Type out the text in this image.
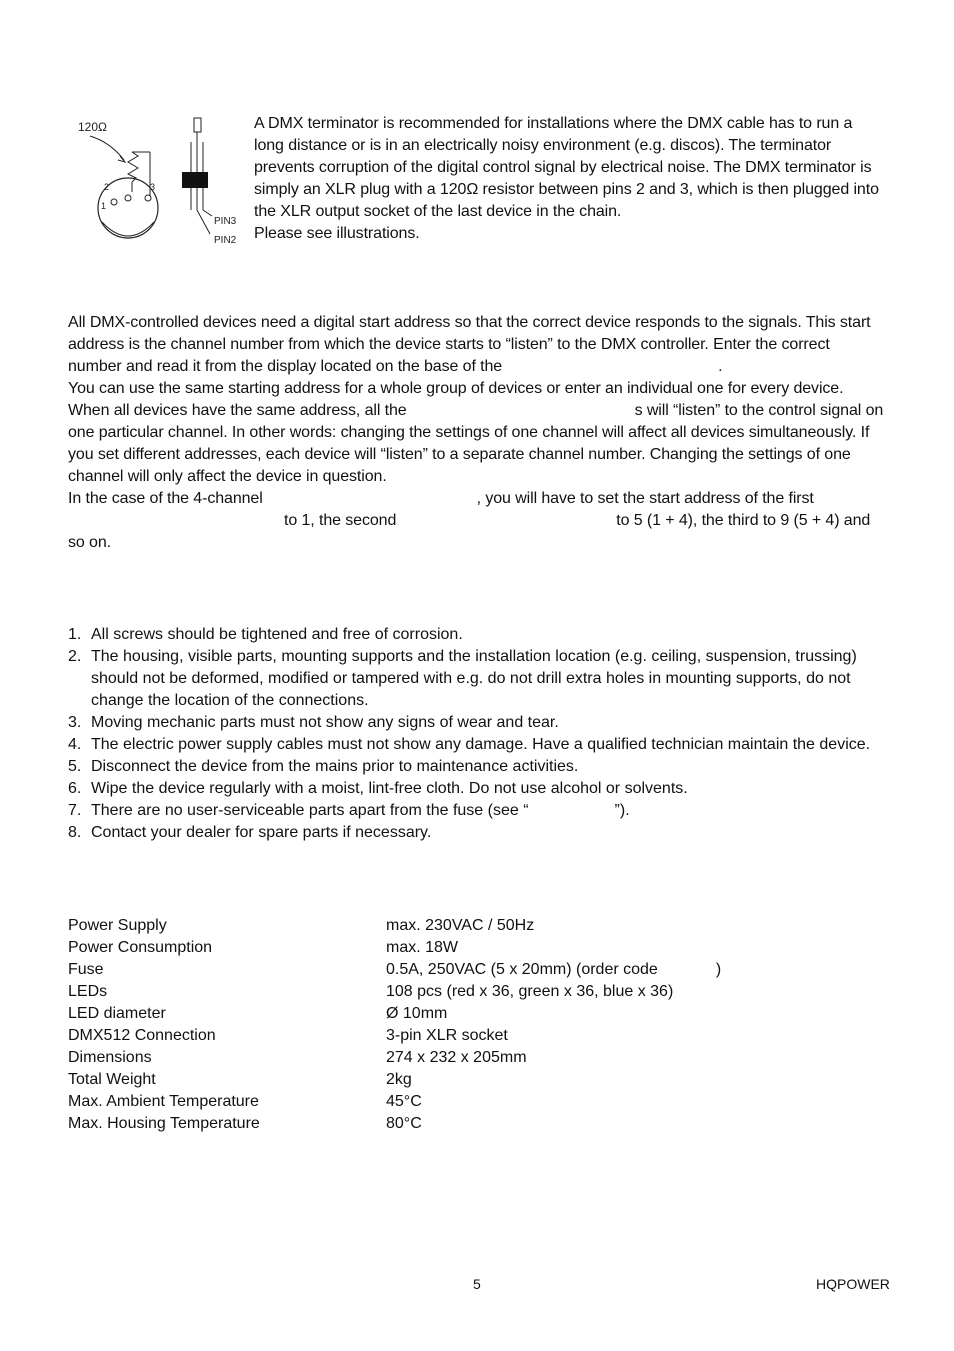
120Ω
2
1
3
PIN3
PIN2
A DMX terminator is recommended for installations where the DMX cable has to run a
long distance or is in an electrically noisy environment (e.g. discos). The terminator
prevents corruption of the digital control signal by electrical noise. The DMX terminator is
simply an XLR plug with a 120Ω resistor between pins 2 and 3, which is then plugged into
the XLR output socket of the last device in the chain.
Please see illustrations.
All DMX-controlled devices need a digital start address so that the correct device responds to the signals. This start
address is the channel number from which the device starts to “listen” to the DMX controller. Enter the correct
number and read it from the display located on the base of the	.
You can use the same starting address for a whole group of devices or enter an individual one for every device.
When all devices have the same address, all the	s will “listen” to the control signal on
one particular channel. In other words: changing the settings of one channel will affect all devices simultaneously. If
you set different addresses, each device will “listen” to a separate channel number. Changing the settings of one
channel will only affect the device in question.
In the case of the 4-channel	, you will have to set the start address of the first
to 1, the second	to 5 (1 + 4), the third to 9 (5 + 4) and
so on.
1. All screws should be tightened and free of corrosion.
2. The housing, visible parts, mounting supports and the installation location (e.g. ceiling, suspension, trussing)
should not be deformed, modified or tampered with e.g. do not drill extra holes in mounting supports, do not
change the location of the connections.
3. Moving mechanic parts must not show any signs of wear and tear.
4. The electric power supply cables must not show any damage. Have a qualified technician maintain the device.
5. Disconnect the device from the mains prior to maintenance activities.
6. Wipe the device regularly with a moist, lint-free cloth. Do not use alcohol or solvents.
7. There are no user-serviceable parts apart from the fuse (see “	”).
8. Contact your dealer for spare parts if necessary.
Power Supply	max. 230VAC / 50Hz
Power Consumption	max. 18W
Fuse	0.5A, 250VAC (5 x 20mm) (order code	)
LEDs	108 pcs (red x 36, green x 36, blue x 36)
LED diameter	Ø 10mm
DMX512 Connection	3-pin XLR socket
Dimensions	274 x 232 x 205mm
Total Weight	2kg
Max. Ambient Temperature	45°C
Max. Housing Temperature	80°C
5	HQPOWER
